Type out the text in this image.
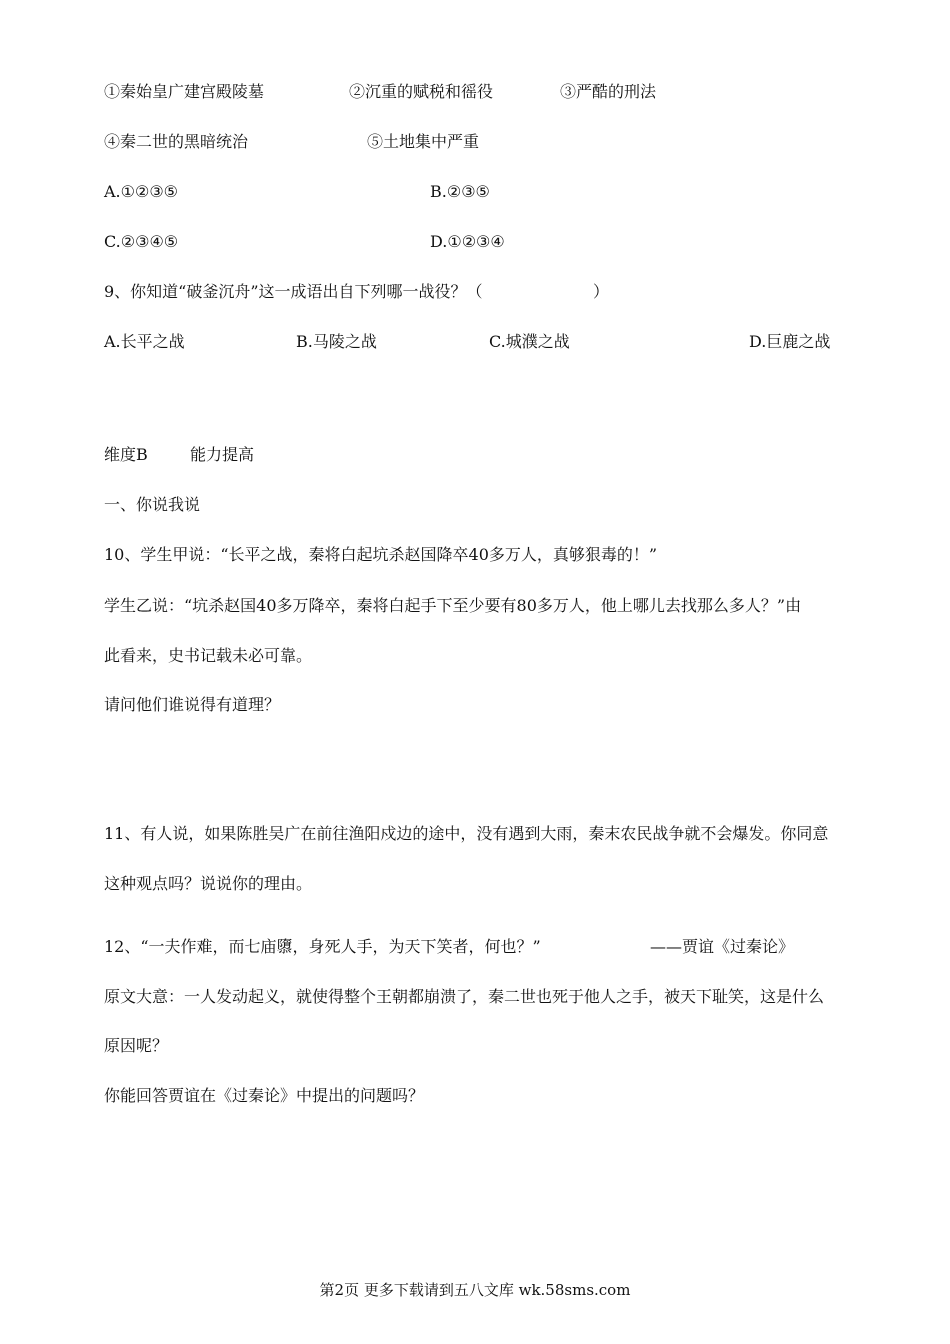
①秦始皇广建宫殿陵墓	②沉重的赋税和徭役	③严酷的刑法
④秦二世的黑暗统治	⑤土地集中严重
A.①②③⑤	B.②③⑤
C.②③④⑤	D.①②③④
9、你知道“破釜沉舟”这一成语出自下列哪一战役？（	）
A.长平之战	B.马陵之战	C.城濮之战	D.巨鹿之战
维度B	能力提高
一、你说我说
10、学生甲说：“长平之战，秦将白起坑杀赵国降卒40多万人，真够狠毒的！”
学生乙说：“坑杀赵国40多万降卒，秦将白起手下至少要有80多万人，他上哪儿去找那么多人？”由
此看来，史书记载未必可靠。
请问他们谁说得有道理？
11、有人说，如果陈胜吴广在前往渔阳戍边的途中，没有遇到大雨，秦末农民战争就不会爆发。你同意
这种观点吗？说说你的理由。
12、“一夫作难，而七庙隳，身死人手，为天下笑者，何也？”	——贾谊《过秦论》
原文大意：一人发动起义，就使得整个王朝都崩溃了，秦二世也死于他人之手，被天下耻笑，这是什么
原因呢？
你能回答贾谊在《过秦论》中提出的问题吗？
第2页 更多下载请到五八文库 wk.58sms.com
